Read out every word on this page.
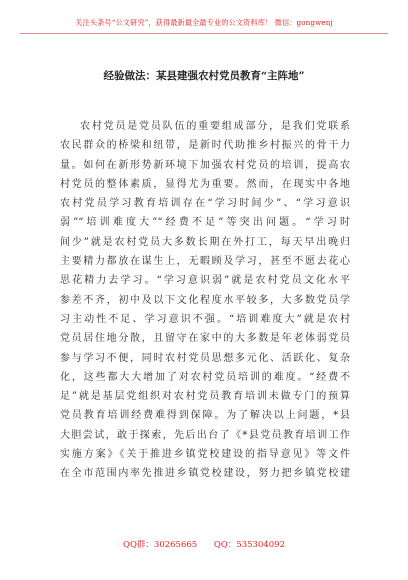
关注头条号“公文研究”，获得最新最全最专业的公文资料库！ 微信：gongwenj
经验做法：某县建强农村党员教育“主阵地”
农村党员是党员队伍的重要组成部分，是我们党联系
农民群众的桥梁和纽带，是新时代助推乡村振兴的骨干力
量。如何在新形势新环境下加强农村党员的培训，提高农
村党员的整体素质，显得尤为重要。然而，在现实中各地
农村党员学习教育培训存在“学习时间少”、“学习意识
弱”“培训难度大”“经费不足”等突出问题。“学习时
间少”就是农村党员大多数长期在外打工，每天早出晚归
主要精力都放在谋生上，无暇顾及学习，甚至不愿去花心
思花精力去学习。“学习意识弱”就是农村党员文化水平
参差不齐，初中及以下文化程度水平较多，大多数党员学
习主动性不足、学习意识不强。“培训难度大”就是农村
党员居住地分散，且留守在家中的大多数是年老体弱党员
参与学习不便，同时农村党员思想多元化、活跃化、复杂
化，这些都大大增加了对农村党员培训的难度。“经费不
足”就是基层党组织对农村党员教育培训未做专门的预算
党员教育培训经费难得到保障。为了解决以上问题，*县
大胆尝试，敢于探索，先后出台了《*县党员教育培训工作
实施方案》《关于推进乡镇党校建设的指导意见》等文件
在全市范围内率先推进乡镇党校建设，努力把乡镇党校建
QQ群：30265665 QQ：535304092
